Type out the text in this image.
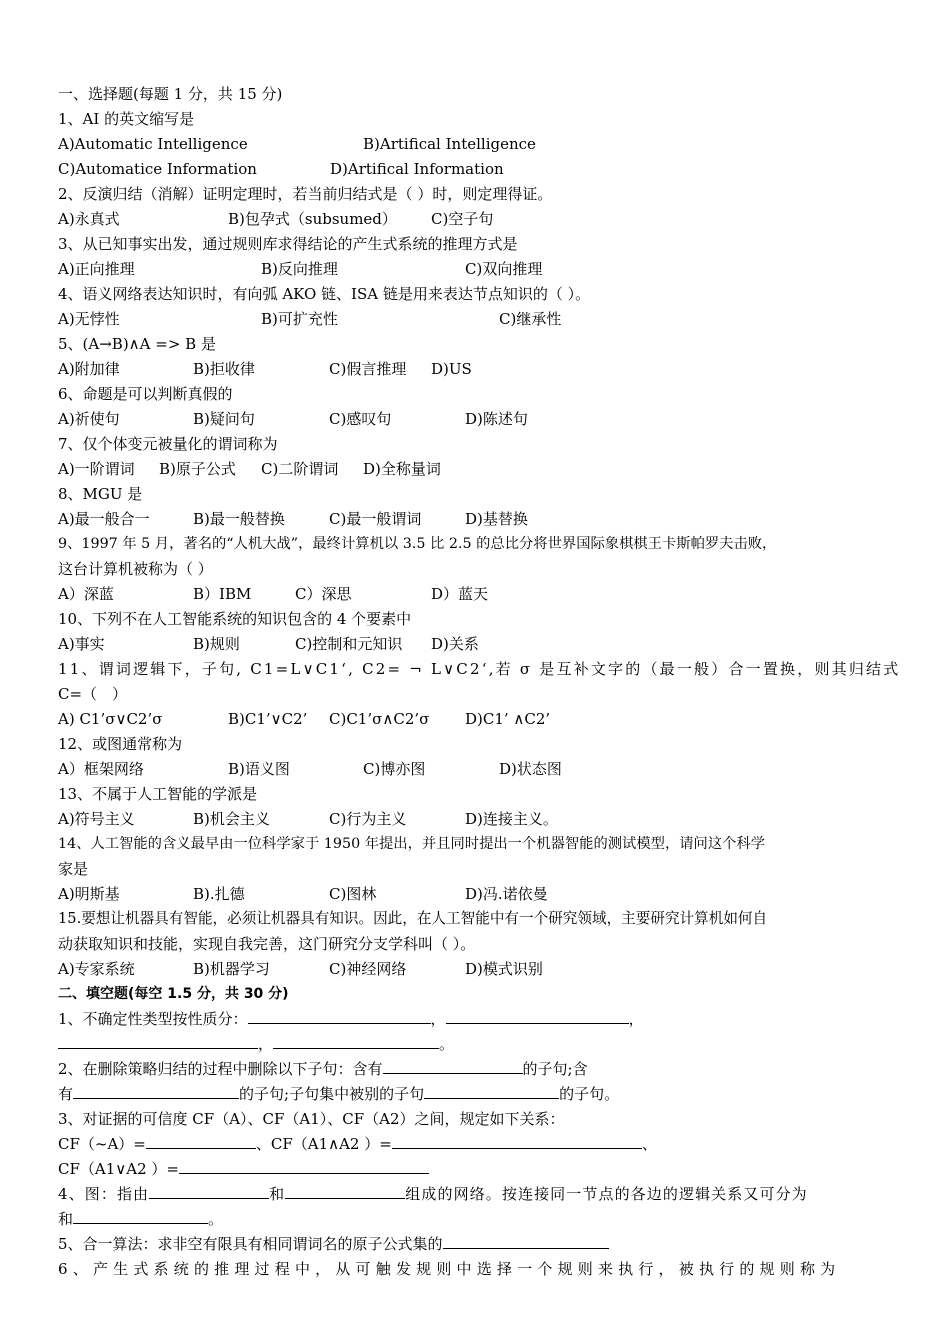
一、选择题(每题 1 分，共 15 分)
1、AI 的英文缩写是
A)Automatic Intelligence	B)Artifical Intelligence
C)Automatice Information	D)Artifical Information
2、反演归结（消解）证明定理时，若当前归结式是（ ）时，则定理得证。
A)永真式	B)包孕式（subsumed） C)空子句
3、从已知事实出发，通过规则库求得结论的产生式系统的推理方式是
A)正向推理	B)反向推理	C)双向推理
4、语义网络表达知识时，有向弧 AKO 链、ISA 链是用来表达节点知识的（ ）。
A)无悖性	B)可扩充性	C)继承性
5、(A→B)∧A => B 是
A)附加律	B)拒收律	C)假言推理 D)US
6、命题是可以判断真假的
A)祈使句	B)疑问句	C)感叹句	D)陈述句
7、仅个体变元被量化的谓词称为
A)一阶谓词 B)原子公式 C)二阶谓词 D)全称量词
8、MGU 是
A)最一般合一	B)最一般替换	C)最一般谓词	D)基替换
9、1997 年 5 月，著名的“人机大战”，最终计算机以 3.5 比 2.5 的总比分将世界国际象棋棋王卡斯帕罗夫击败，
这台计算机被称为（ ）
A）深蓝	B）IBM	C）深思	D）蓝天
10、下列不在人工智能系统的知识包含的 4 个要素中
A)事实	B)规则	C)控制和元知识 D)关系
11、谓词逻辑下，子句, C1=L∨C1‘, C2= ¬ L∨C2‘,若 σ 是互补文字的（最一般）合一置换，则其归结式
C=（　）
A) C1’σ∨C2’σ	B)C1’∨C2’ C)C1’σ∧C2’σ D)C1’ ∧C2’
12、或图通常称为
A）框架网络	B)语义图	C)博亦图	D)状态图
13、不属于人工智能的学派是
A)符号主义	B)机会主义	C)行为主义	D)连接主义。
14、人工智能的含义最早由一位科学家于 1950 年提出，并且同时提出一个机器智能的测试模型，请问这个科学
家是
A)明斯基	B).扎德	C)图林	D)冯.诺依曼
15.要想让机器具有智能，必须让机器具有知识。因此，在人工智能中有一个研究领域，主要研究计算机如何自
动获取知识和技能，实现自我完善，这门研究分支学科叫（ ）。
A)专家系统	B)机器学习	C)神经网络	D)模式识别
二、填空题(每空 1.5 分，共 30 分)
1、不确定性类型按性质分：	，	，
，	。
2、在删除策略归结的过程中删除以下子句：含有	的子句;含
有	的子句;子句集中被别的子句	的子句。
3、对证据的可信度 CF（A）、CF（A1）、CF（A2）之间，规定如下关系：
CF（~A）=	、CF（A1∧A2 ）=	、
CF（A1∨A2 ）=
4、图：指由	和	组成的网络。按连接同一节点的各边的逻辑关系又可分为
和	。
5、合一算法：求非空有限具有相同谓词名的原子公式集的
6、产生式系统的推理过程中，从可触发规则中选择一个规则来执行，被执行的规则称为
